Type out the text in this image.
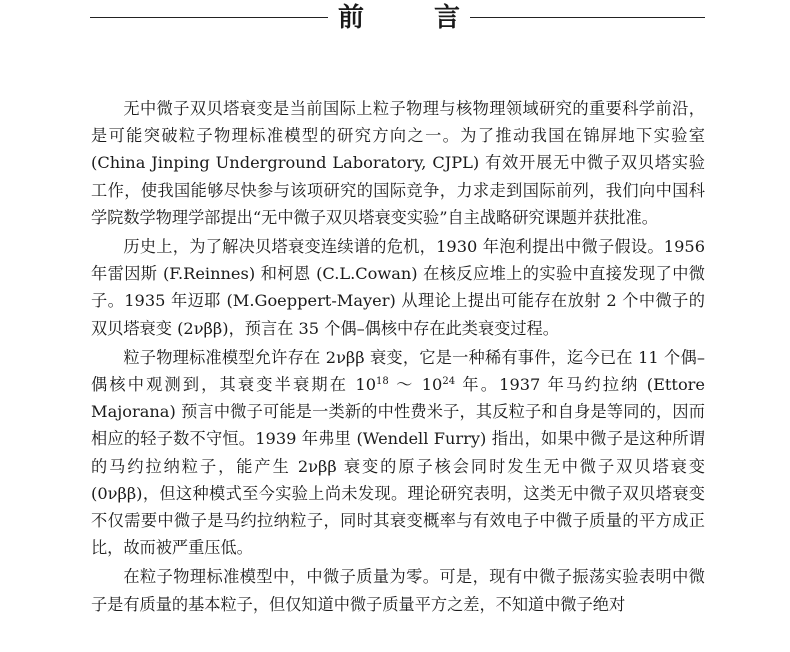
前　言

无中微子双贝塔衰变是当前国际上粒子物理与核物理领域研究的重要科学前沿，是可能突破粒子物理标准模型的研究方向之一。为了推动我国在锦屏地下实验室 (China Jinping Underground Laboratory, CJPL) 有效开展无中微子双贝塔实验工作，使我国能够尽快参与该项研究的国际竞争，力求走到国际前列，我们向中国科学院数学物理学部提出“无中微子双贝塔衰变实验”自主战略研究课题并获批准。

历史上，为了解决贝塔衰变连续谱的危机，1930 年泡利提出中微子假设。1956 年雷因斯 (F.Reinnes) 和柯恩 (C.L.Cowan) 在核反应堆上的实验中直接发现了中微子。1935 年迈耶 (M.Goeppert-Mayer) 从理论上提出可能存在放射 2 个中微子的双贝塔衰变 (2νββ)，预言在 35 个偶–偶核中存在此类衰变过程。

粒子物理标准模型允许存在 2νββ 衰变，它是一种稀有事件，迄今已在 11 个偶–偶核中观测到，其衰变半衰期在 $10^{18}$ ～ $10^{24}$ 年。1937 年马约拉纳 (Ettore Majorana) 预言中微子可能是一类新的中性费米子，其反粒子和自身是等同的，因而相应的轻子数不守恒。1939 年弗里 (Wendell Furry) 指出，如果中微子是这种所谓的马约拉纳粒子，能产生 2νββ 衰变的原子核会同时发生无中微子双贝塔衰变 (0νββ)，但这种模式至今实验上尚未发现。理论研究表明，这类无中微子双贝塔衰变不仅需要中微子是马约拉纳粒子，同时其衰变概率与有效电子中微子质量的平方成正比，故而被严重压低。

在粒子物理标准模型中，中微子质量为零。可是，现有中微子振荡实验表明中微子是有质量的基本粒子，但仅知道中微子质量平方之差，不知道中微子绝对
